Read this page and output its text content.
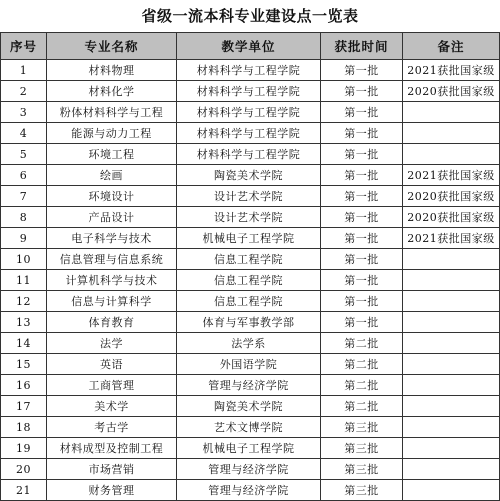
省级一流本科专业建设点一览表
序号	专业名称	教学单位	获批时间	备注
1	材料物理	材料科学与工程学院	第一批	2021获批国家级
2	材料化学	材料科学与工程学院	第一批	2020获批国家级
3	粉体材料科学与工程	材料科学与工程学院	第一批	
4	能源与动力工程	材料科学与工程学院	第一批	
5	环境工程	材料科学与工程学院	第一批	
6	绘画	陶瓷美术学院	第一批	2021获批国家级
7	环境设计	设计艺术学院	第一批	2020获批国家级
8	产品设计	设计艺术学院	第一批	2020获批国家级
9	电子科学与技术	机械电子工程学院	第一批	2021获批国家级
10	信息管理与信息系统	信息工程学院	第一批	
11	计算机科学与技术	信息工程学院	第一批	
12	信息与计算科学	信息工程学院	第一批	
13	体育教育	体育与军事教学部	第一批	
14	法学	法学系	第二批	
15	英语	外国语学院	第二批	
16	工商管理	管理与经济学院	第二批	
17	美术学	陶瓷美术学院	第二批	
18	考古学	艺术文博学院	第三批	
19	材料成型及控制工程	机械电子工程学院	第三批	
20	市场营销	管理与经济学院	第三批	
21	财务管理	管理与经济学院	第三批	
